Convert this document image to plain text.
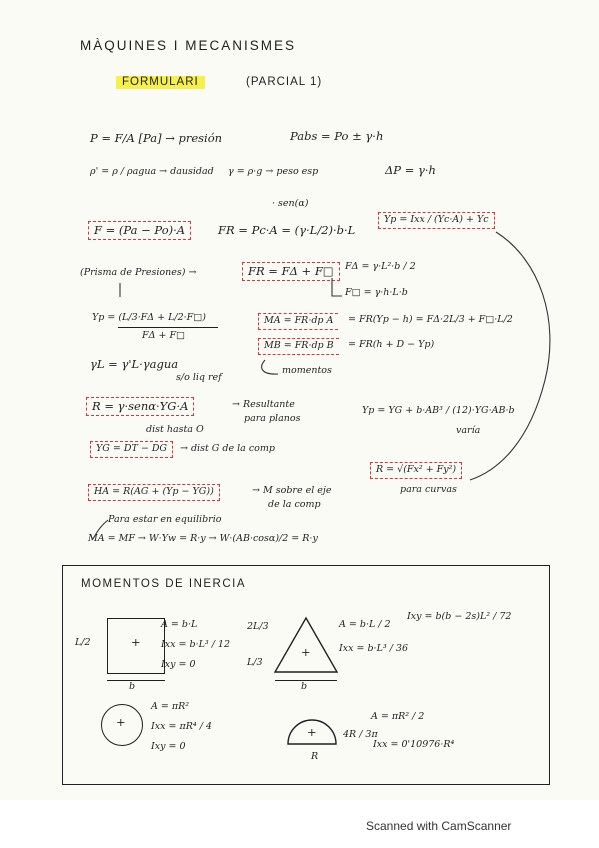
MÀQUINES I MECANISMES
FORMULARI	(PARCIAL 1)
P = F/A [Pa] → presión	Pabs = Po ± γ·h
ρ' = ρ / ρagua → dausidad γ = ρ·g → peso esp	ΔP = γ·h
· sen(α)
F = (Pa − Po)·A	FR = Pc·A = (γ·L/2)·b·L
Yp = Ixx / (Yc·A) + Yc
(Prisma de Presiones) →	FR = FΔ + F□	FΔ = γ·L²·b / 2
F□ = γ·h·L·b
Yp = (L/3·FΔ + L/2·F□)
FΔ + F□
MA = FR·dp A	= FR(Yp − h) = FΔ·2L/3 + F□·L/2
MB = FR·dp B	= FR(h + D − Yp)
momentos
γL = γ'L·γagua
s/o liq ref
R = γ·senα·YG·A	→ Resultante
para planos
dist hasta O
YG = DT − DG	→ dist G de la comp
Yp = YG + b·AB³ / (12)·YG·AB·b
varía
R = √(Fx² + Fy²)
para curvas
HA = R(AG + (Yp − YG))	→ M sobre el eje
de la comp
Para estar en equilibrio
MA = MF → W·Yw = R·y → W·(AB·cosα)/2 = R·y
MOMENTOS DE INERCIA
+
L/2
b
A = b·L
Ixx = b·L³ / 12
Ixy = 0
+
2L/3
L/3
b
A = b·L / 2
Ixx = b·L³ / 36
Ixy = b(b − 2s)L² / 72
+
A = πR²
Ixx = πR⁴ / 4
Ixy = 0
+	4R / 3π
R
A = πR² / 2
Ixx = 0'10976·R⁴
Scanned with CamScanner
